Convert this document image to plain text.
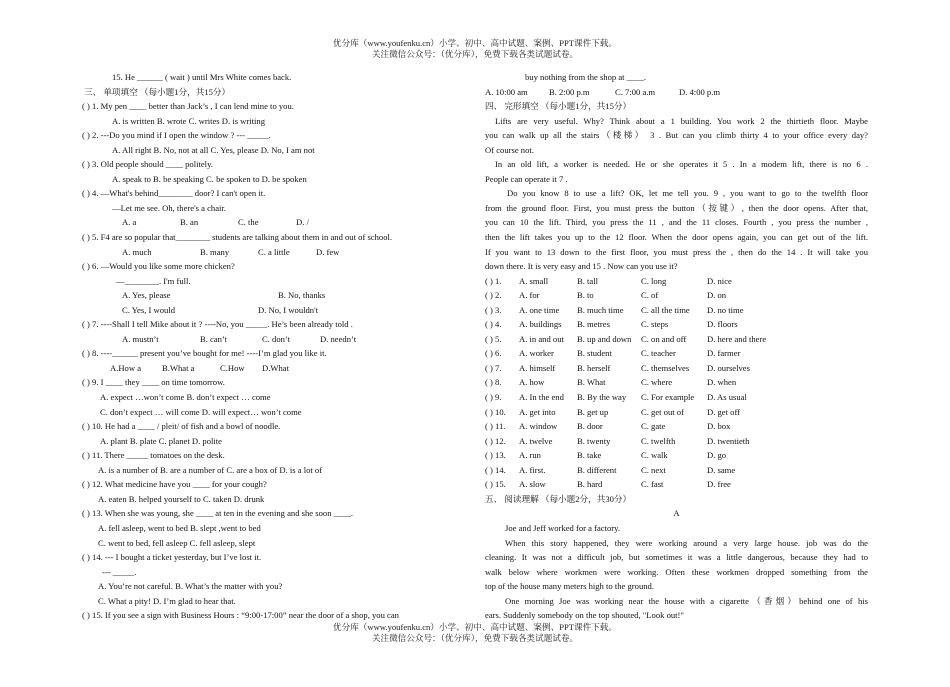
优分库（www.youfenku.cn）小学、初中、高中试题、案例、PPT课件下载。
关注微信公众号：（优分库），免费下载各类试题试卷。
15. He ______ ( wait ) until Mrs White comes back.
三、 单项填空 （每小题1分，共15分）
( ) 1. My pen ____ better than Jack’s , I can lend mine to you.
A. is written B. wrote C. writes D. is writing
( ) 2. ---Do you mind if I open the window ? --- _____.
A. All right B. No, not at all C. Yes, please D. No, I am not
( ) 3. Old people should ____ politely.
A. speak to B. be speaking C. be spoken to D. be spoken
( ) 4. —What's behind________ door? I can't open it.
—Let me see. Oh, there's a chair.
A. a	B. an	C. the	D. /
( ) 5. F4 are so popular that________ students are talking about them in and out of school.
A. much	B. many	C. a little	D. few
( ) 6. —Would you like some more chicken?
—________. I'm full.
A. Yes, please	B. No, thanks
C. Yes, I would	D. No, I wouldn't
( ) 7. ----Shall I tell Mike about it ? ----No, you _____. He’s been already told .
A. mustn’t	B. can’t	C. don’t	D. needn’t
( ) 8. ----______ present you’ve bought for me! ----I’m glad you like it.
A.How a	B.What a	C.How	D.What
( ) 9. I ____ they ____ on time tomorrow.
A. expect …won’t come B. don’t expect … come
C. don’t expect … will come D. will expect… won’t come
( ) 10. He had a ____ / pleit/ of fish and a bowl of noodle.
A. plant B. plate C. planet D. polite
( ) 11. There _____ tomatoes on the desk.
A. is a number of B. are a number of C. are a box of D. is a lot of
( ) 12. What medicine have you ____ for your cough?
A. eaten B. helped yourself to C. taken D. drunk
( ) 13. When she was young, she ____ at ten in the evening and she soon ____.
A. fell asleep, went to bed B. slept ,went to bed
C. went to bed, fell asleep C. fell asleep, slept
( ) 14. --- I bought a ticket yesterday, but I’ve lost it.
--- _____.
A. You’re not careful. B. What’s the matter with you?
C. What a pity! D. I’m glad to hear that.
( ) 15. If you see a sign with Business Hours : “9:00-17:00” near the door of a shop, you can
buy nothing from the shop at ____.
A. 10:00 am	B. 2:00 p.m	C. 7:00 a.m	D. 4:00 p.m
四、 完形填空 （每小题1分，共15分）
Lifts are very useful. Why? Think about a 1 building. You work 2 the thirtieth floor. Maybe
you can walk up all the stairs（楼梯） 3 . But can you climb thirty 4 to your office every day?
Of course not.
In an old lift, a worker is needed. He or she operates it 5 . In a modem lift, there is no 6 .
People can operate it 7 .
Do you know 8 to use a lift? OK, let me tell you. 9 , you want to go to the twelfth floor
from the ground floor. First, you must press the button（按键）, then the door opens. After that,
you can 10 the lift. Third, you press the 11 , and the 11 closes. Fourth , you press the number ,
then the lift takes you up to the 12 floor. When the door opens again, you can get out of the lift.
If you want to 13 down to the first floor, you must press the , then do the 14 . It will take you
down there. It is very easy and 15 . Now can you use it?
( ) 1.	A. small	B. tall	C. long	D. nice
( ) 2.	A. for	B. to	C. of	D. on
( ) 3.	A. one time	B. much time	C. all the time	D. no time
( ) 4.	A. buildings	B. metres	C. steps	D. floors
( ) 5.	A. in and out	B. up and down	C. on and off	D. here and there
( ) 6.	A. worker	B. student	C. teacher	D. farmer
( ) 7.	A. himself	B. herself	C. themselves	D. ourselves
( ) 8.	A. how	B. What	C. where	D. when
( ) 9.	A. In the end	B. By the way	C. For example	D. As usual
( ) 10.	A. get into	B. get up	C. get out of	D. get off
( ) 11.	A. window	B. door	C. gate	D. box
( ) 12.	A. twelve	B. twenty	C. twelfth	D. twentieth
( ) 13.	A. run	B. take	C. walk	D. go
( ) 14.	A. first.	B. different	C. next	D. same
( ) 15.	A. slow	B. hard	C. fast	D. free
五、 阅读理解 （每小题2分，共30分）
A
Joe and Jeff worked for a factory.
When this story happened, they were working around a very large house. job was do the
cleaning. It was not a difficult job, but sometimes it was a little dangerous, because they had to
walk below where workmen were working. Often these workmen dropped something from the
top of the house many meters high to the ground.
One morning Joe was working near the house with a cigarette（香烟）behind one of his
ears. Suddenly somebody on the top shouted, "Look out!"
优分库（www.youfenku.cn）小学、初中、高中试题、案例、PPT课件下载。
关注微信公众号：（优分库），免费下载各类试题试卷。
